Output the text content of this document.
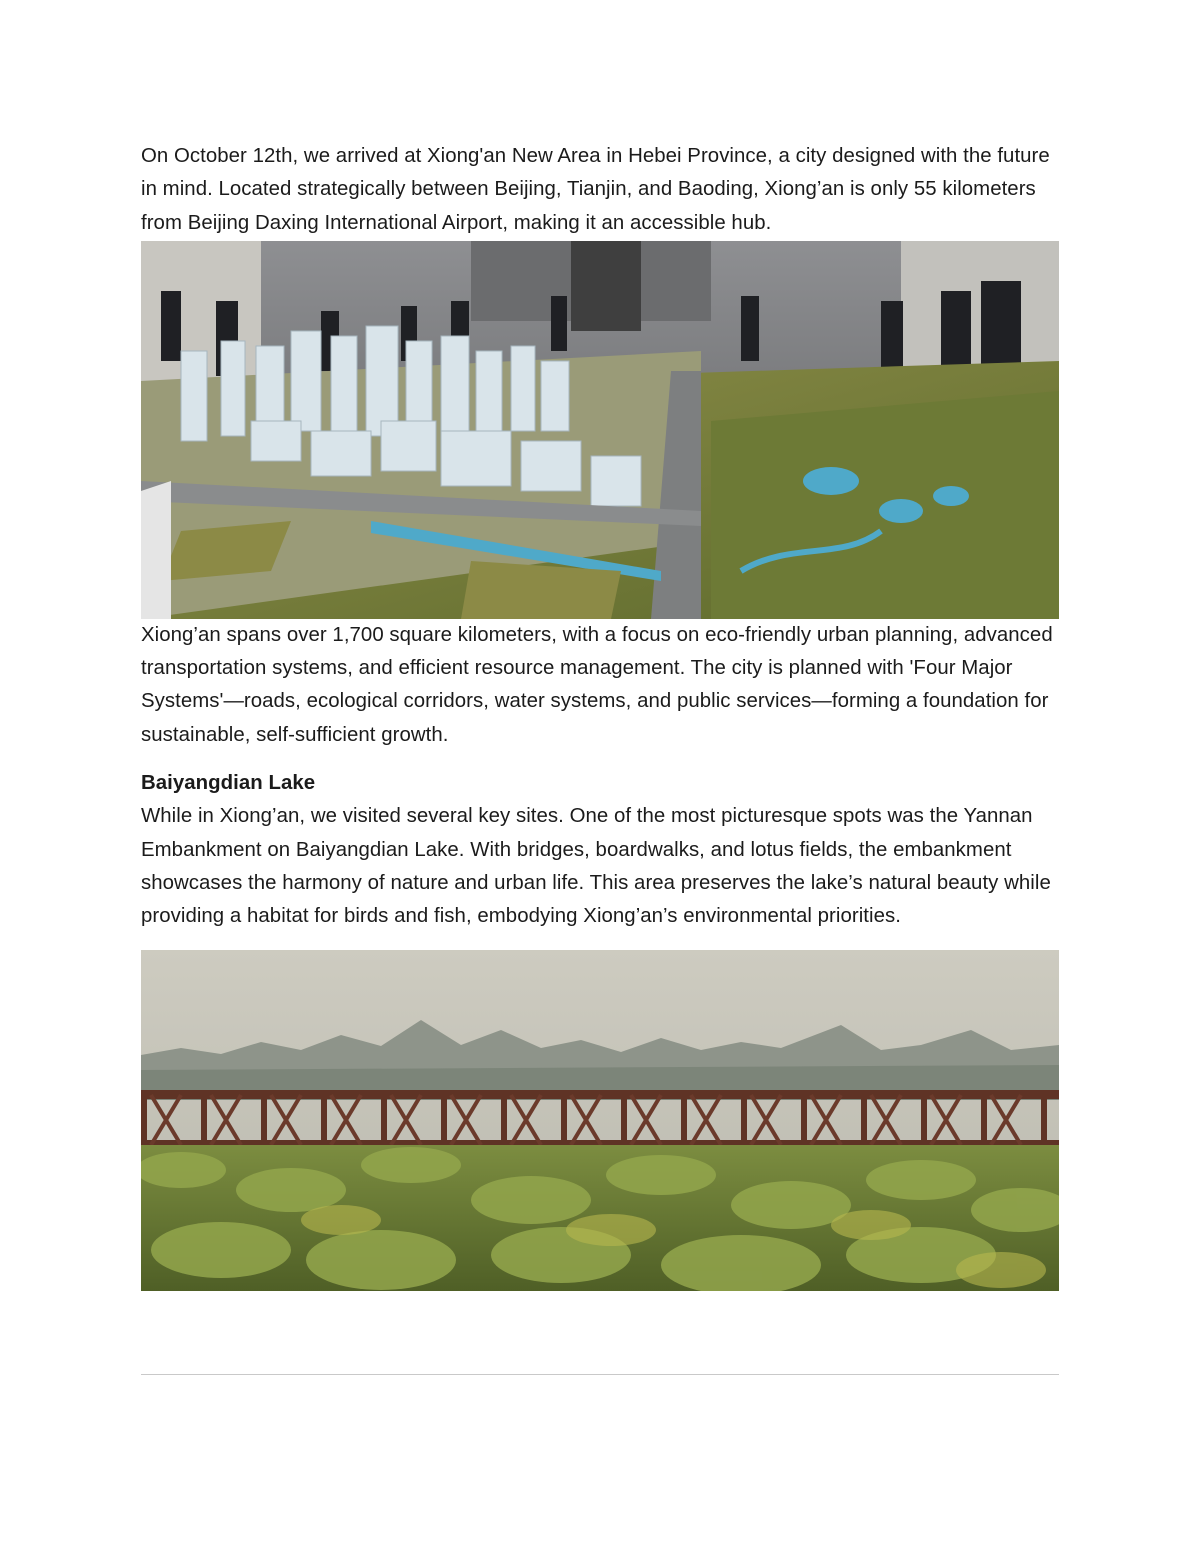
On October 12th, we arrived at Xiong'an New Area in Hebei Province, a city designed with the future in mind. Located strategically between Beijing, Tianjin, and Baoding, Xiong’an is only 55 kilometers from Beijing Daxing International Airport, making it an accessible hub.

Xiong’an spans over 1,700 square kilometers, with a focus on eco-friendly urban planning, advanced transportation systems, and efficient resource management. The city is planned with 'Four Major Systems'—roads, ecological corridors, water systems, and public services—forming a foundation for sustainable, self-sufficient growth.

Baiyangdian Lake

While in Xiong’an, we visited several key sites. One of the most picturesque spots was the Yannan Embankment on Baiyangdian Lake. With bridges, boardwalks, and lotus fields, the embankment showcases the harmony of nature and urban life. This area preserves the lake’s natural beauty while providing a habitat for birds and fish, embodying Xiong’an’s environmental priorities.
